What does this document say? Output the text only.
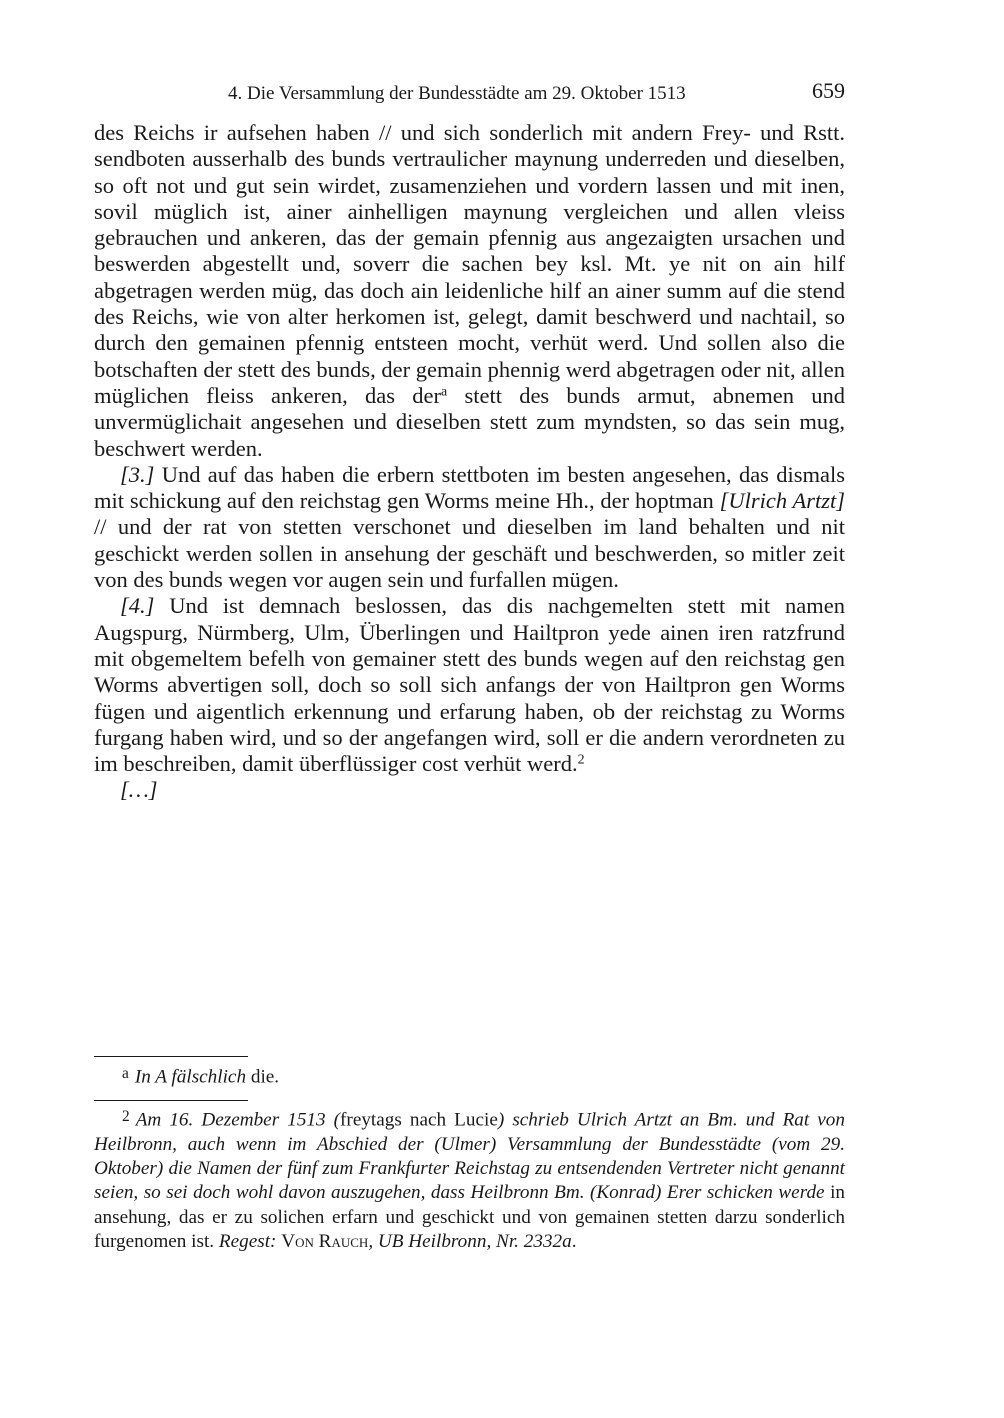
4. Die Versammlung der Bundesstädte am 29. Oktober 1513	659

des Reichs ir aufsehen haben // und sich sonderlich mit andern Frey- und Rstt. sendboten ausserhalb des bunds vertraulicher maynung underreden und dieselben, so oft not und gut sein wirdet, zusamenziehen und vordern lassen und mit inen, sovil müglich ist, ainer ainhelligen maynung vergleichen und allen vleiss gebrauchen und ankeren, das der gemain pfennig aus angezaigten ursachen und beswerden abgestellt und, soverr die sachen bey ksl. Mt. ye nit on ain hilf abgetragen werden müg, das doch ain leidenliche hilf an ainer summ auf die stend des Reichs, wie von alter herkomen ist, gelegt, damit beschwerd und nachtail, so durch den gemainen pfennig entsteen mocht, verhüt werd. Und sollen also die botschaften der stett des bunds, der gemain phennig werd abgetragen oder nit, allen müglichen fleiss ankeren, das der$^a$ stett des bunds armut, abnemen und unvermüglichait angesehen und dieselben stett zum myndsten, so das sein mug, beschwert werden.

[3.] Und auf das haben die erbern stettboten im besten angesehen, das dismals mit schickung auf den reichstag gen Worms meine Hh., der hoptman [Ulrich Artzt] // und der rat von stetten verschonet und dieselben im land behalten und nit geschickt werden sollen in ansehung der geschäft und beschwerden, so mitler zeit von des bunds wegen vor augen sein und furfallen mügen.

[4.] Und ist demnach beslossen, das dis nachgemelten stett mit namen Augspurg, Nürmberg, Ulm, Überlingen und Hailtpron yede ainen iren ratzfrund mit obgemeltem befelh von gemainer stett des bunds wegen auf den reichstag gen Worms abvertigen soll, doch so soll sich anfangs der von Hailtpron gen Worms fügen und aigentlich erkennung und erfarung haben, ob der reichstag zu Worms furgang haben wird, und so der angefangen wird, soll er die andern verordneten zu im beschreiben, damit überflüssiger cost verhüt werd.$^2$
[…]

$^a$ In A fälschlich die.

$^2$ Am 16. Dezember 1513 (freytags nach Lucie) schrieb Ulrich Artzt an Bm. und Rat von Heilbronn, auch wenn im Abschied der (Ulmer) Versammlung der Bundesstädte (vom 29. Oktober) die Namen der fünf zum Frankfurter Reichstag zu entsendenden Vertreter nicht genannt seien, so sei doch wohl davon auszugehen, dass Heilbronn Bm. (Konrad) Erer schicken werde in ansehung, das er zu solichen erfarn und geschickt und von gemainen stetten darzu sonderlich furgenomen ist. Regest: Von Rauch, UB Heilbronn, Nr. 2332a.
